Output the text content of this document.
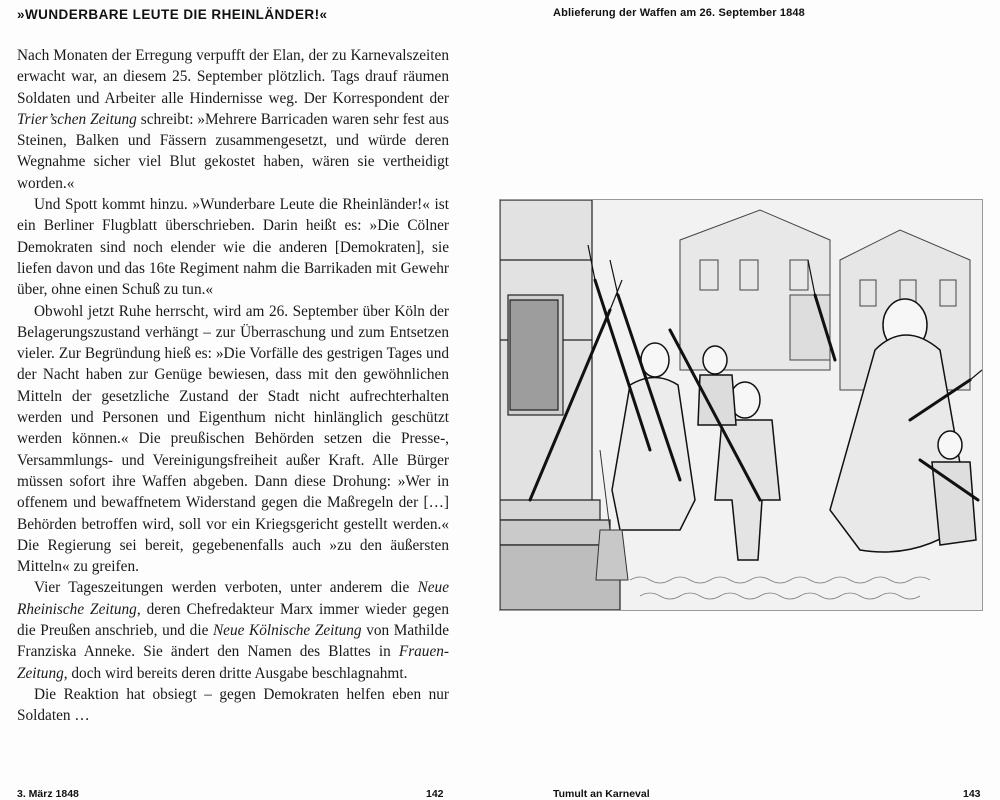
»WUNDERBARE LEUTE DIE RHEINLÄNDER!«

Nach Monaten der Erregung verpufft der Elan, der zu Karnevalszeiten erwacht war, an diesem 25. September plötzlich. Tags drauf räumen Soldaten und Arbeiter alle Hindernisse weg. Der Korrespondent der Trier’schen Zeitung schreibt: »Mehrere Barricaden waren sehr fest aus Steinen, Balken und Fässern zusammengesetzt, und würde deren Wegnahme sicher viel Blut gekostet haben, wären sie vertheidigt worden.«

Und Spott kommt hinzu. »Wunderbare Leute die Rheinländer!« ist ein Berliner Flugblatt überschrieben. Darin heißt es: »Die Cölner Demokraten sind noch elender wie die anderen [Demokraten], sie liefen davon und das 16te Regiment nahm die Barrikaden mit Gewehr über, ohne einen Schuß zu tun.«

Obwohl jetzt Ruhe herrscht, wird am 26. September über Köln der Belagerungszustand verhängt – zur Überraschung und zum Entsetzen vieler. Zur Begründung hieß es: »Die Vorfälle des gestrigen Tages und der Nacht haben zur Genüge bewiesen, dass mit den gewöhnlichen Mitteln der gesetzliche Zustand der Stadt nicht aufrechterhalten werden und Personen und Eigenthum nicht hinlänglich geschützt werden können.« Die preußischen Behörden setzen die Presse-, Versammlungs- und Vereinigungsfreiheit außer Kraft. Alle Bürger müssen sofort ihre Waffen abgeben. Dann diese Drohung: »Wer in offenem und bewaffnetem Widerstand gegen die Maßregeln der […] Behörden betroffen wird, soll vor ein Kriegsgericht gestellt werden.« Die Regierung sei bereit, gegebenenfalls auch »zu den äußersten Mitteln« zu greifen.

Vier Tageszeitungen werden verboten, unter anderem die Neue Rheinische Zeitung, deren Chefredakteur Marx immer wieder gegen die Preußen anschrieb, und die Neue Kölnische Zeitung von Mathilde Franziska Anneke. Sie ändert den Namen des Blattes in Frauen-Zeitung, doch wird bereits deren dritte Ausgabe beschlagnahmt.

Die Reaktion hat obsiegt – gegen Demokraten helfen eben nur Soldaten …

3. März 1848	142
Ablieferung der Waffen am 26. September 1848
Tumult an Karneval	143
